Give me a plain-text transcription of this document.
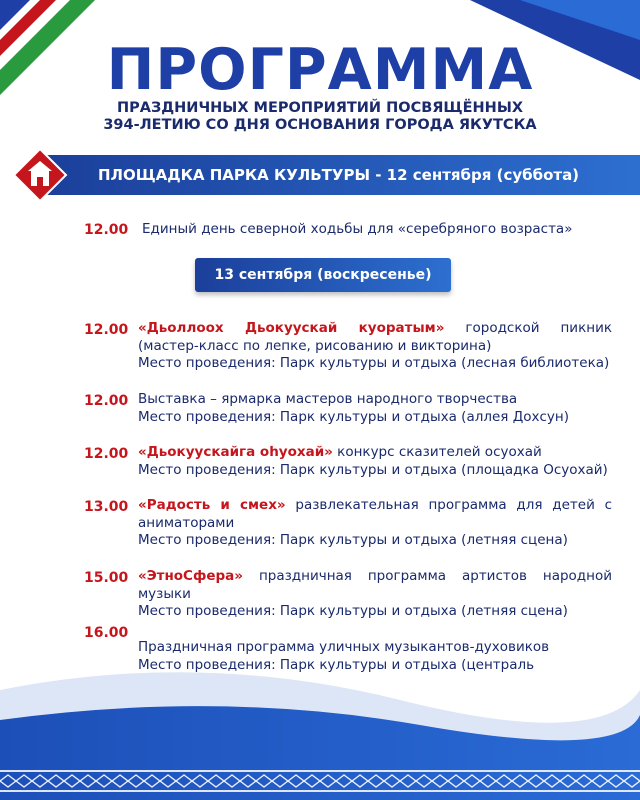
ПРОГРАММА

ПРАЗДНИЧНЫХ МЕРОПРИЯТИЙ ПОСВЯЩЁННЫХ
394-ЛЕТИЮ СО ДНЯ ОСНОВАНИЯ ГОРОДА ЯКУТСКА

ПЛОЩАДКА ПАРКА КУЛЬТУРЫ - 12 сентября (суббота)
12.00 Единый день северной ходьбы для «серебряного возраста»

13 сентября (воскресенье)
12.00 «Дьоллоох Дьокуускай куоратым» городской пикник
(мастер-класс по лепке, рисованию и викторина)
Место проведения: Парк культуры и отдыха (лесная библиотека)

12.00 Выставка – ярмарка мастеров народного творчества
Место проведения: Парк культуры и отдыха (аллея Дохсун)

12.00 «Дьокуускайга оһуохай» конкурс сказителей осуохай
Место проведения: Парк культуры и отдыха (площадка Осуохай)

13.00 «Радость и смех» развлекательная программа для детей с
аниматорами
Место проведения: Парк культуры и отдыха (летняя сцена)

15.00 «ЭтноСфера» праздничная программа артистов народной
музыки
Место проведения: Парк культуры и отдыха (летняя сцена)

16.00

Праздничная программа уличных музыкантов-духовиков
Место проведения: Парк культуры и отдыха (централь
